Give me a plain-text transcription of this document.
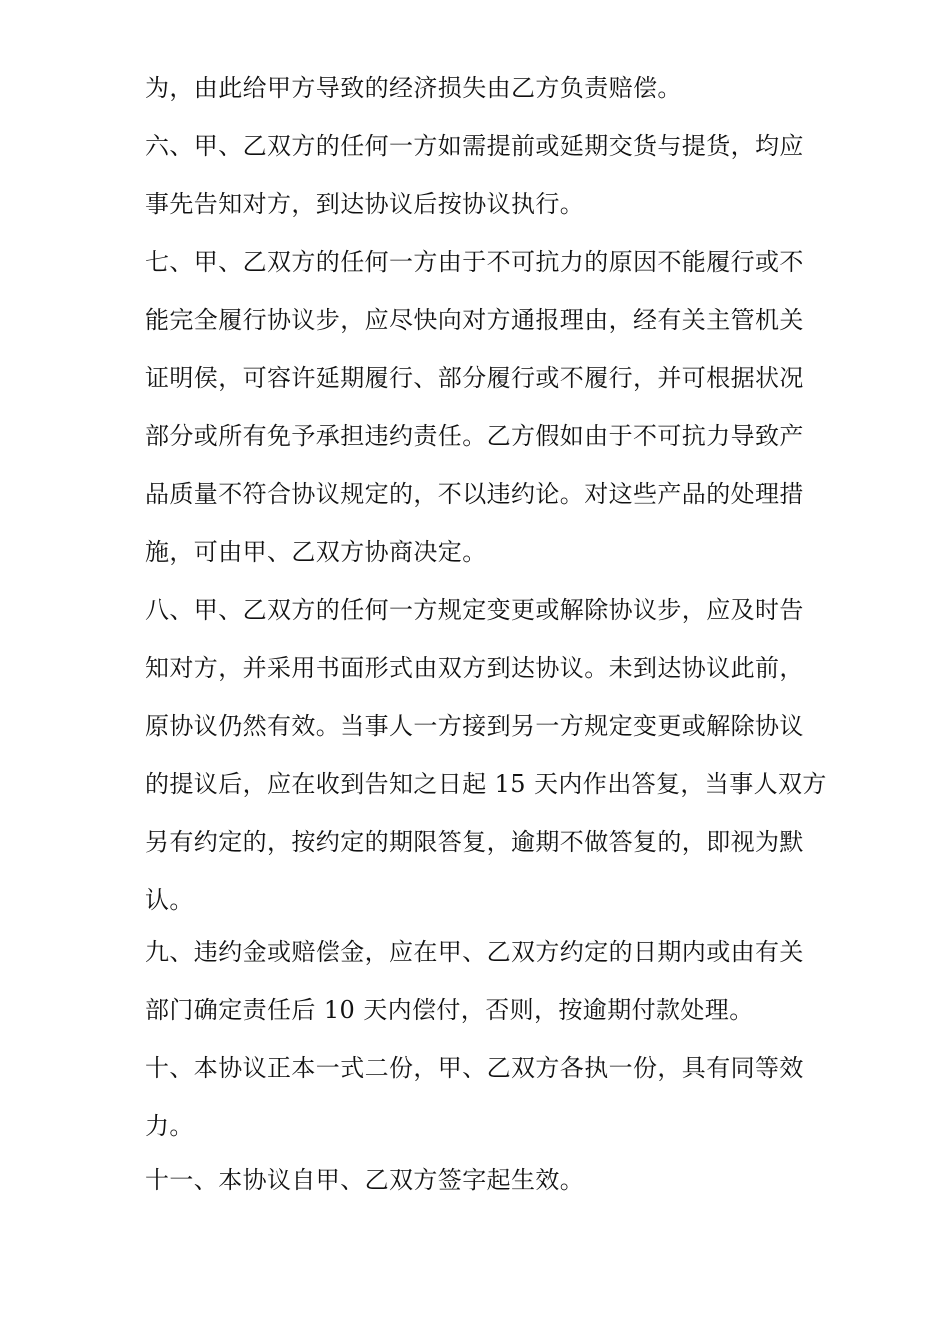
为，由此给甲方导致的经济损失由乙方负责赔偿。

六、甲、乙双方的任何一方如需提前或延期交货与提货，均应

事先告知对方，到达协议后按协议执行。

七、甲、乙双方的任何一方由于不可抗力的原因不能履行或不

能完全履行协议步，应尽快向对方通报理由，经有关主管机关

证明侯，可容许延期履行、部分履行或不履行，并可根据状况

部分或所有免予承担违约责任。乙方假如由于不可抗力导致产

品质量不符合协议规定的，不以违约论。对这些产品的处理措

施，可由甲、乙双方协商决定。

八、甲、乙双方的任何一方规定变更或解除协议步，应及时告

知对方，并采用书面形式由双方到达协议。未到达协议此前，

原协议仍然有效。当事人一方接到另一方规定变更或解除协议

的提议后，应在收到告知之日起 15 天内作出答复，当事人双方

另有约定的，按约定的期限答复，逾期不做答复的，即视为默

认。

九、违约金或赔偿金，应在甲、乙双方约定的日期内或由有关

部门确定责任后 10 天内偿付，否则，按逾期付款处理。

十、本协议正本一式二份，甲、乙双方各执一份，具有同等效

力。

十一、本协议自甲、乙双方签字起生效。
